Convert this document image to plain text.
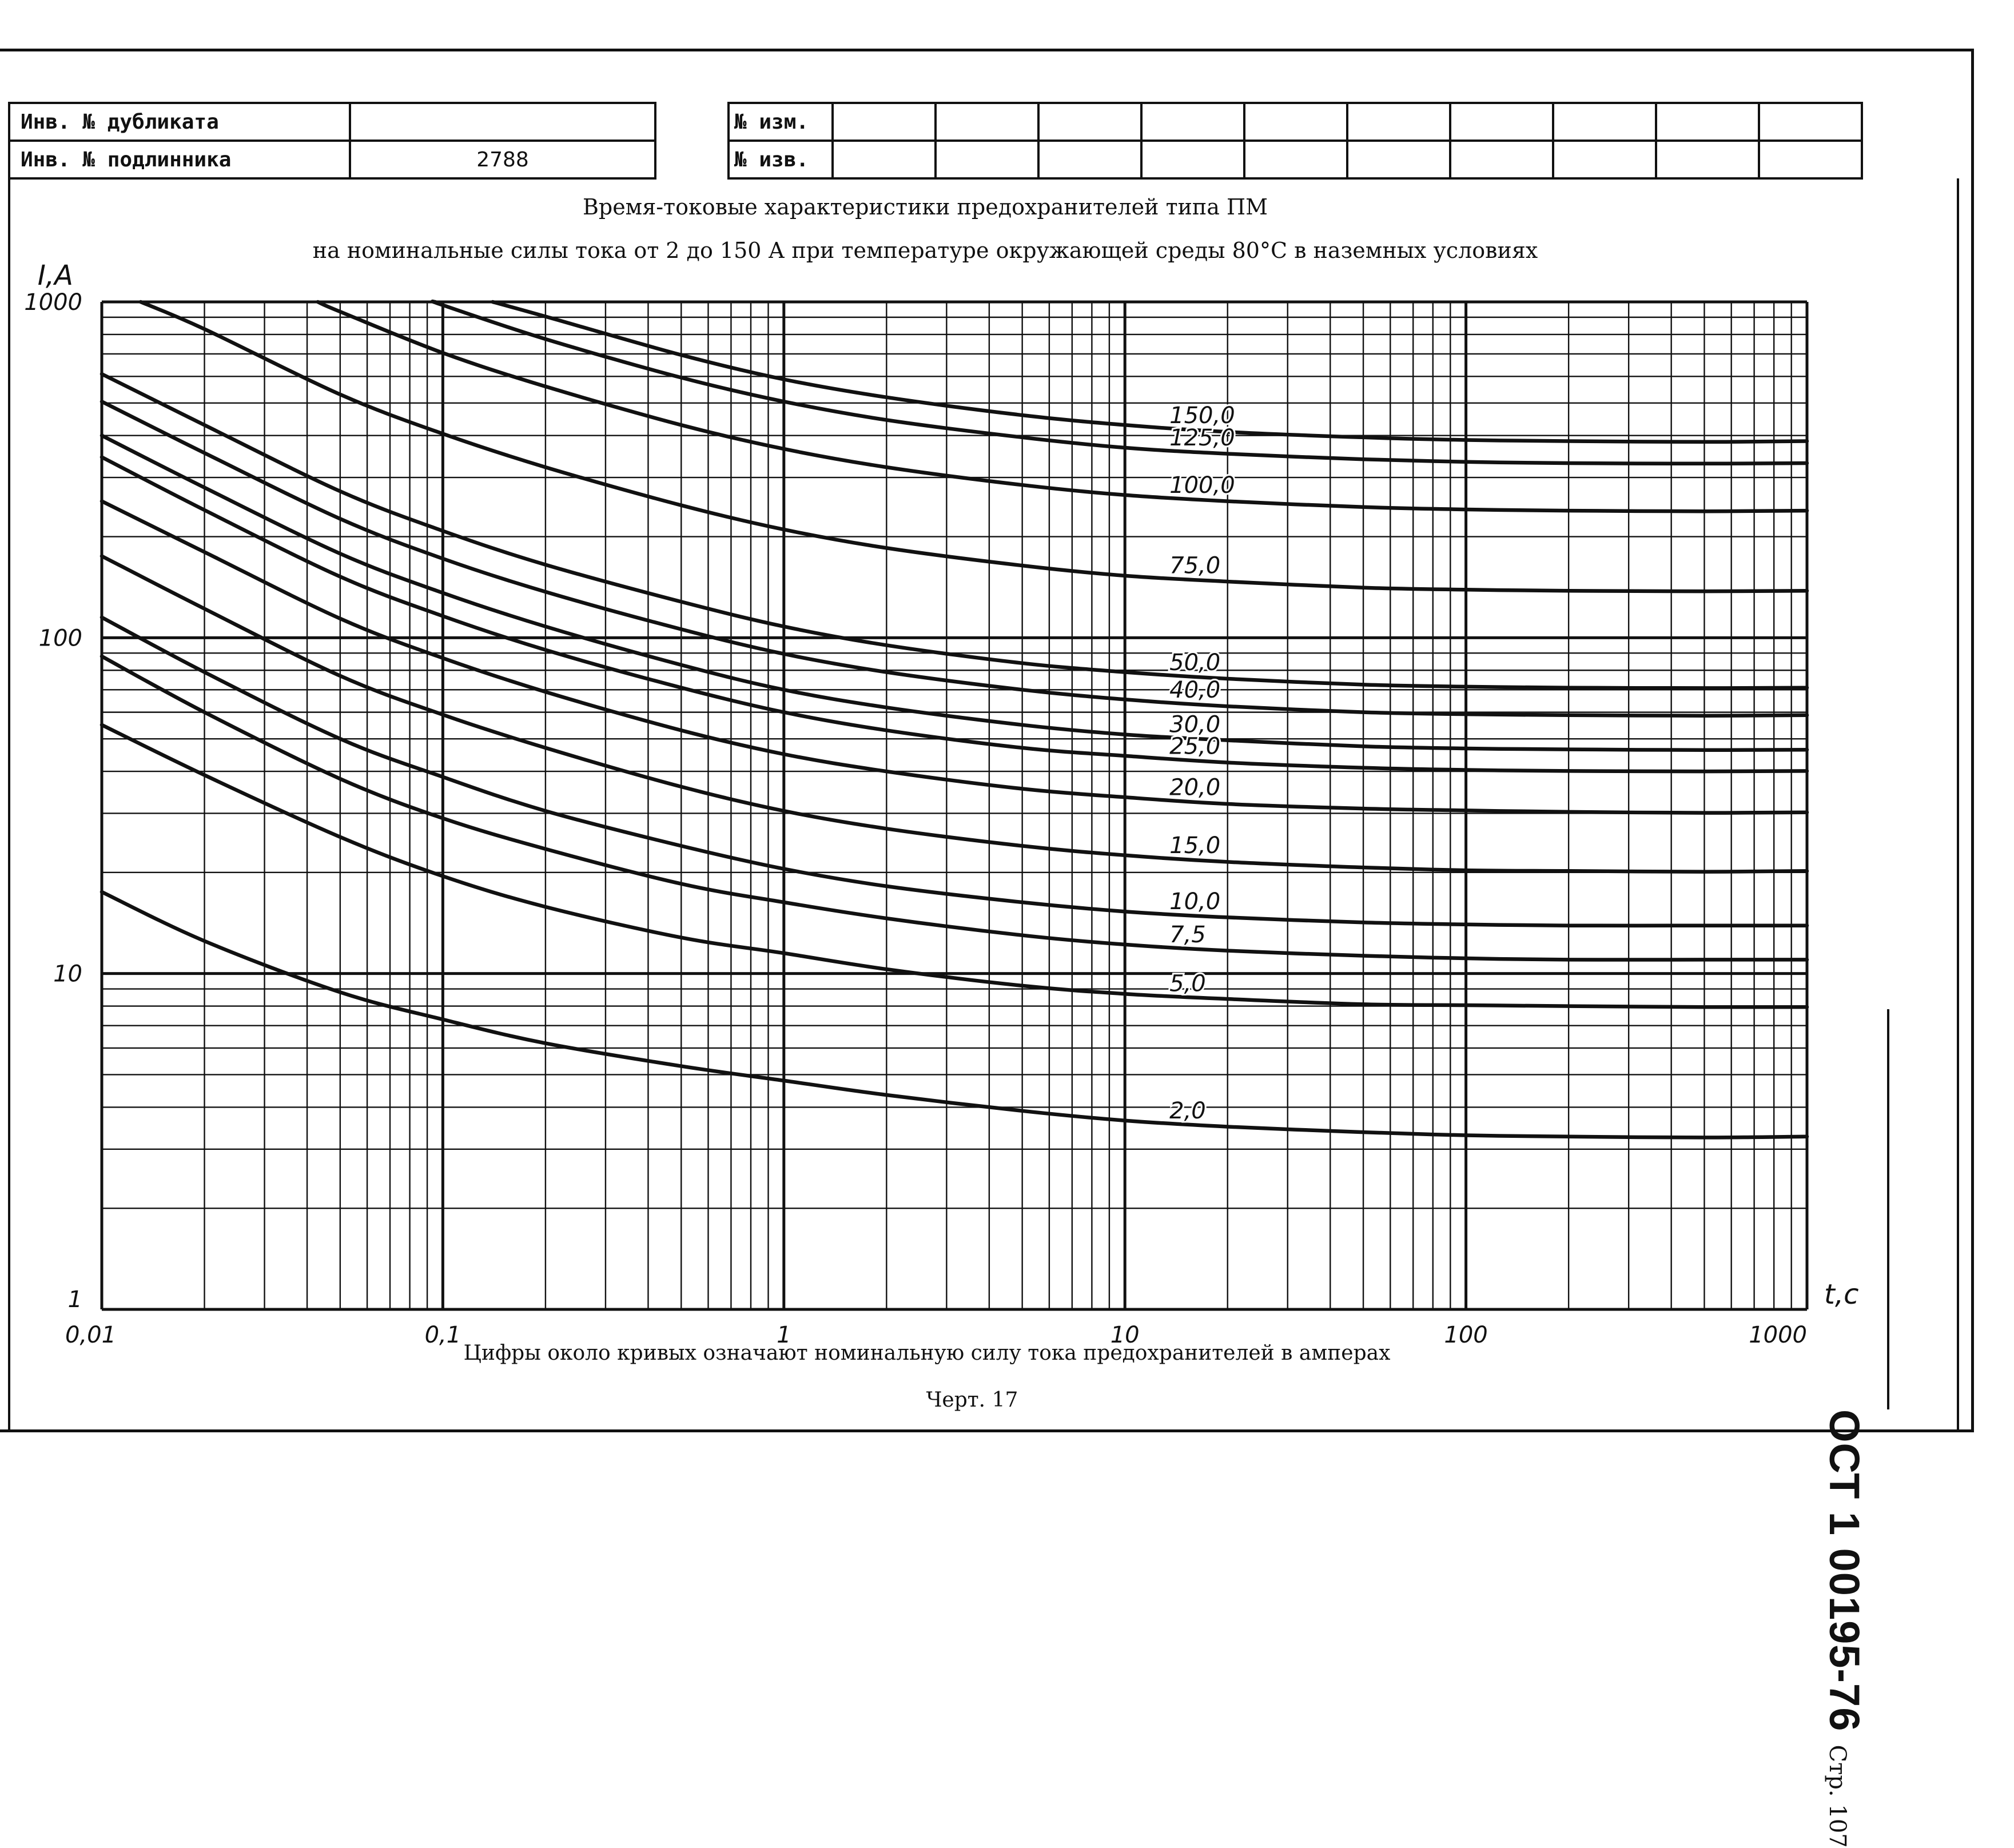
Инв. № дубликата	
Инв. № подлинника	2788
№ изм.										
№ изв.										
Время-токовые характеристики предохранителей типа ПМ
на номинальные силы тока от 2 до 150 А при температуре окружающей среды 80°С в наземных условиях
0,01	0,1	1	10	100	1000
1
10
100
1000
I,A
t,c
2,0
5,0
7,5
10,0
15,0
20,0
25,0
30,0
40,0
50,0
75,0
100,0
125,0
150,0
Цифры около кривых означают номинальную силу тока предохранителей в амперах
Черт. 17
ОСТ 1 00195-76 Стр. 107
